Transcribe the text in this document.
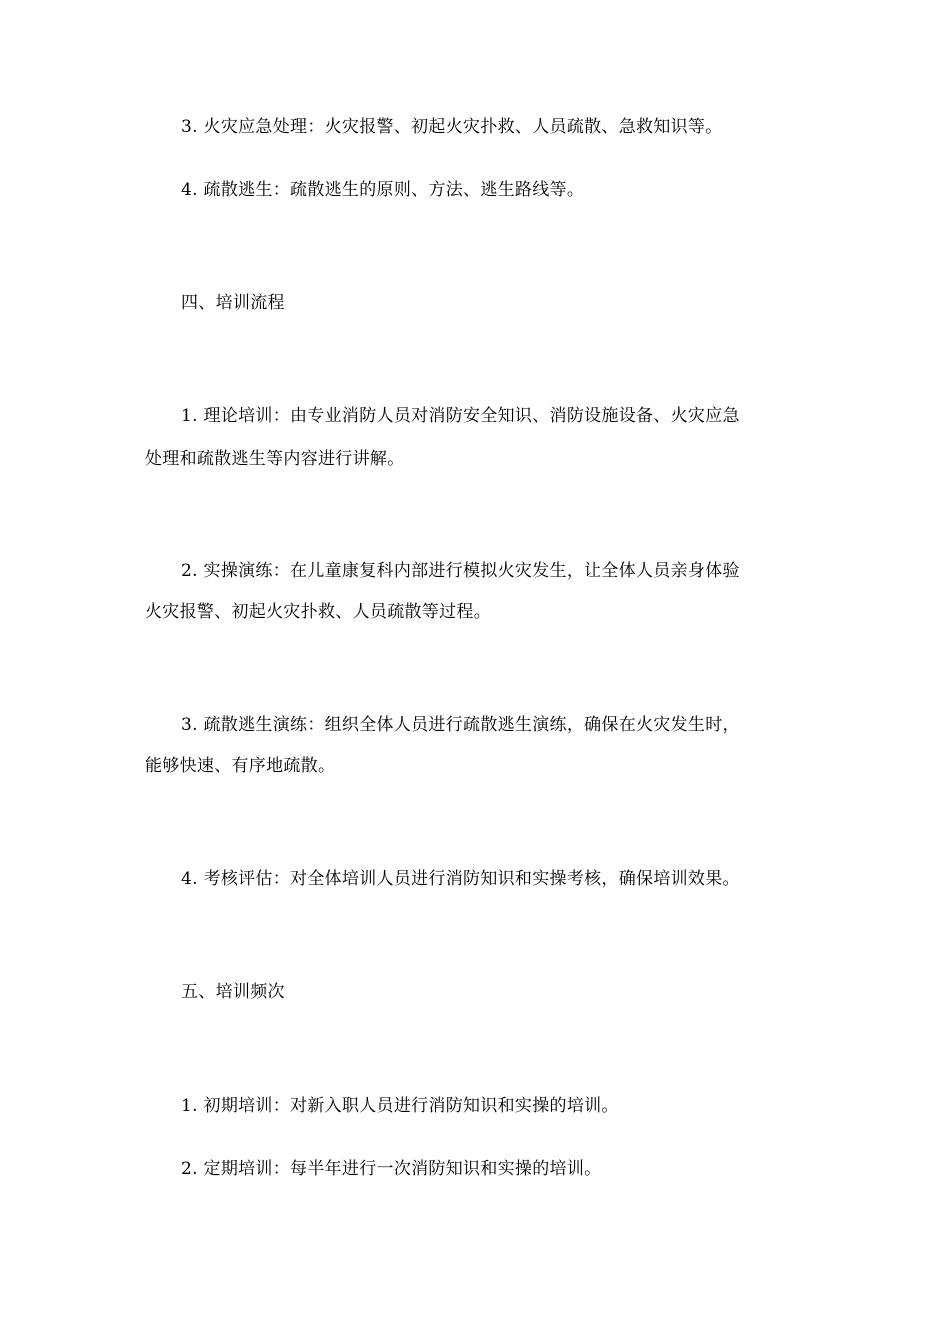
3. 火灾应急处理：火灾报警、初起火灾扑救、人员疏散、急救知识等。
4. 疏散逃生：疏散逃生的原则、方法、逃生路线等。
四、培训流程
1. 理论培训：由专业消防人员对消防安全知识、消防设施设备、火灾应急
处理和疏散逃生等内容进行讲解。
2. 实操演练：在儿童康复科内部进行模拟火灾发生，让全体人员亲身体验
火灾报警、初起火灾扑救、人员疏散等过程。
3. 疏散逃生演练：组织全体人员进行疏散逃生演练，确保在火灾发生时，
能够快速、有序地疏散。
4. 考核评估：对全体培训人员进行消防知识和实操考核，确保培训效果。
五、培训频次
1. 初期培训：对新入职人员进行消防知识和实操的培训。
2. 定期培训：每半年进行一次消防知识和实操的培训。
